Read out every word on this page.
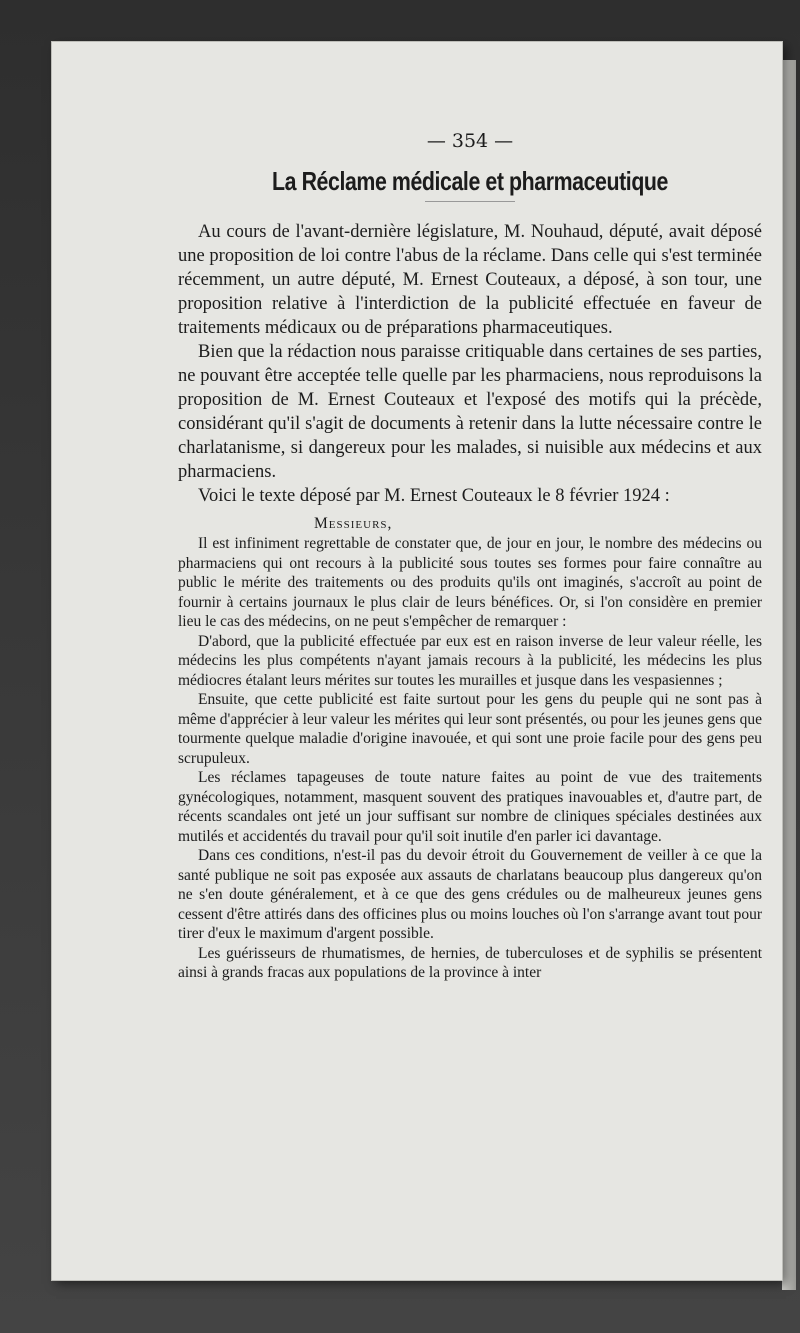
— 354 —
La Réclame médicale et pharmaceutique

Au cours de l'avant-dernière législature, M. Nouhaud, député, avait déposé une proposition de loi contre l'abus de la réclame. Dans celle qui s'est terminée récemment, un autre député, M. Ernest Couteaux, a déposé, à son tour, une proposition relative à l'interdiction de la publicité effectuée en faveur de traitements médicaux ou de préparations pharmaceutiques.

Bien que la rédaction nous paraisse critiquable dans certaines de ses parties, ne pouvant être acceptée telle quelle par les pharmaciens, nous reproduisons la proposition de M. Ernest Couteaux et l'exposé des motifs qui la précède, considérant qu'il s'agit de documents à retenir dans la lutte nécessaire contre le charlatanisme, si dangereux pour les malades, si nuisible aux médecins et aux pharmaciens.

Voici le texte déposé par M. Ernest Couteaux le 8 février 1924 :

Messieurs,

Il est infiniment regrettable de constater que, de jour en jour, le nombre des médecins ou pharmaciens qui ont recours à la publicité sous toutes ses formes pour faire connaître au public le mérite des traitements ou des produits qu'ils ont imaginés, s'accroît au point de fournir à certains journaux le plus clair de leurs bénéfices. Or, si l'on considère en premier lieu le cas des médecins, on ne peut s'empêcher de remarquer :

D'abord, que la publicité effectuée par eux est en raison inverse de leur valeur réelle, les médecins les plus compétents n'ayant jamais recours à la publicité, les médecins les plus médiocres étalant leurs mérites sur toutes les murailles et jusque dans les vespasiennes ;

Ensuite, que cette publicité est faite surtout pour les gens du peuple qui ne sont pas à même d'apprécier à leur valeur les mérites qui leur sont présentés, ou pour les jeunes gens que tourmente quelque maladie d'origine inavouée, et qui sont une proie facile pour des gens peu scrupuleux.

Les réclames tapageuses de toute nature faites au point de vue des traitements gynécologiques, notamment, masquent souvent des pratiques inavouables et, d'autre part, de récents scandales ont jeté un jour suffisant sur nombre de cliniques spéciales destinées aux mutilés et accidentés du travail pour qu'il soit inutile d'en parler ici davantage.

Dans ces conditions, n'est-il pas du devoir étroit du Gouvernement de veiller à ce que la santé publique ne soit pas exposée aux assauts de charlatans beaucoup plus dangereux qu'on ne s'en doute généralement, et à ce que des gens crédules ou de malheureux jeunes gens cessent d'être attirés dans des officines plus ou moins louches où l'on s'arrange avant tout pour tirer d'eux le maximum d'argent possible.

Les guérisseurs de rhumatismes, de hernies, de tuberculoses et de syphilis se présentent ainsi à grands fracas aux populations de la province à inter
